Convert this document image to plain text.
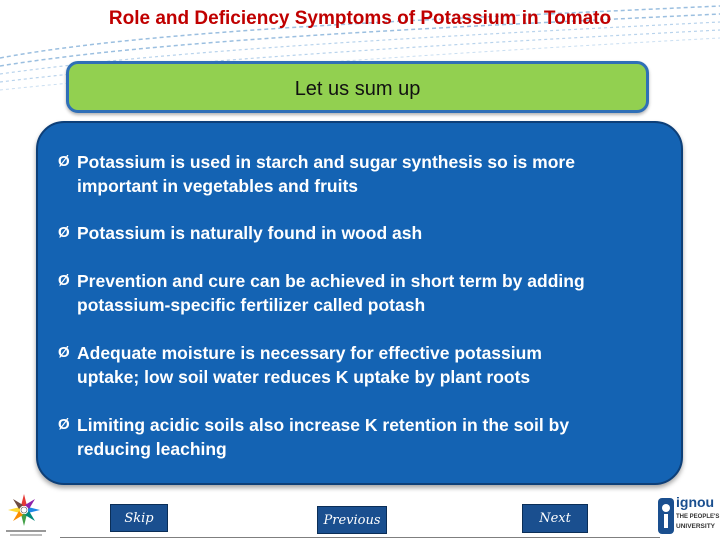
Role and Deficiency Symptoms of Potassium in Tomato
Let us sum up
Ø Potassium is used in starch and sugar synthesis so is more
important in vegetables and fruits
Ø Potassium is naturally found in wood ash
Ø Prevention and cure can be achieved in short term by adding
potassium-specific fertilizer called potash
Ø Adequate moisture is necessary for effective potassium
uptake; low soil water reduces K uptake by plant roots
Ø Limiting acidic soils also increase K retention in the soil by
reducing leaching
Skip	Previous	Next
ignou
THE PEOPLE'S
UNIVERSITY
